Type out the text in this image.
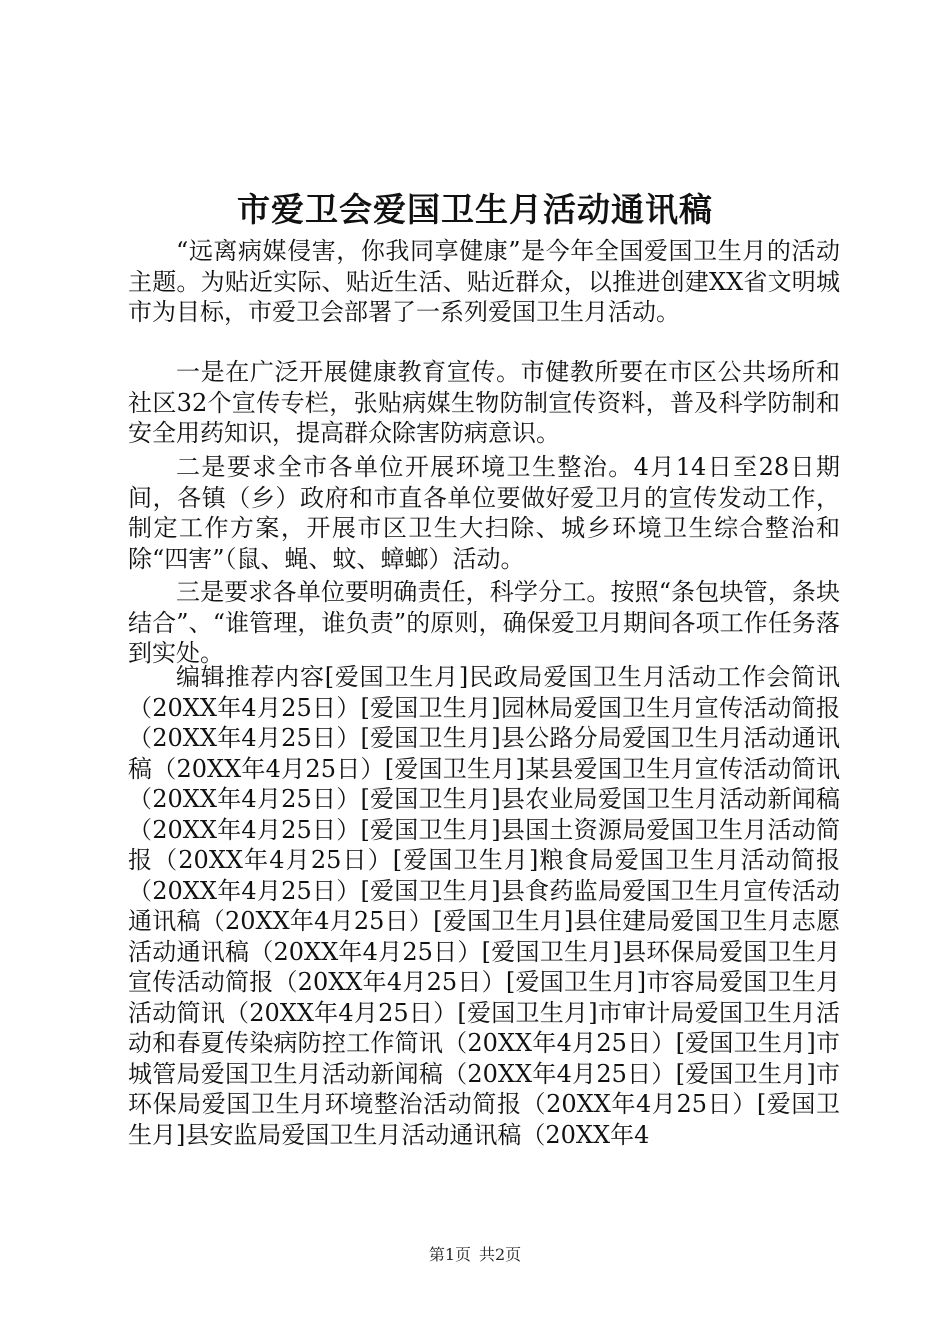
市爱卫会爱国卫生月活动通讯稿

“远离病媒侵害，你我同享健康”是今年全国爱国卫生月的活动主题。为贴近实际、贴近生活、贴近群众，以推进创建XX省文明城市为目标，市爱卫会部署了一系列爱国卫生月活动。

一是在广泛开展健康教育宣传。市健教所要在市区公共场所和社区32个宣传专栏，张贴病媒生物防制宣传资料，普及科学防制和安全用药知识，提高群众除害防病意识。

二是要求全市各单位开展环境卫生整治。4月14日至28日期间，各镇（乡）政府和市直各单位要做好爱卫月的宣传发动工作，制定工作方案，开展市区卫生大扫除、城乡环境卫生综合整治和除“四害”（鼠、蝇、蚊、蟑螂）活动。

三是要求各单位要明确责任，科学分工。按照“条包块管，条块结合”、“谁管理，谁负责”的原则，确保爱卫月期间各项工作任务落到实处。

编辑推荐内容[爱国卫生月]民政局爱国卫生月活动工作会简讯（20XX年4月25日）[爱国卫生月]园林局爱国卫生月宣传活动简报（20XX年4月25日）[爱国卫生月]县公路分局爱国卫生月活动通讯稿（20XX年4月25日）[爱国卫生月]某县爱国卫生月宣传活动简讯（20XX年4月25日）[爱国卫生月]县农业局爱国卫生月活动新闻稿（20XX年4月25日）[爱国卫生月]县国土资源局爱国卫生月活动简报（20XX年4月25日）[爱国卫生月]粮食局爱国卫生月活动简报（20XX年4月25日）[爱国卫生月]县食药监局爱国卫生月宣传活动通讯稿（20XX年4月25日）[爱国卫生月]县住建局爱国卫生月志愿活动通讯稿（20XX年4月25日）[爱国卫生月]县环保局爱国卫生月宣传活动简报（20XX年4月25日）[爱国卫生月]市容局爱国卫生月活动简讯（20XX年4月25日）[爱国卫生月]市审计局爱国卫生月活动和春夏传染病防控工作简讯（20XX年4月25日）[爱国卫生月]市城管局爱国卫生月活动新闻稿（20XX年4月25日）[爱国卫生月]市环保局爱国卫生月环境整治活动简报（20XX年4月25日）[爱国卫生月]县安监局爱国卫生月活动通讯稿（20XX年4

第1页 共2页
